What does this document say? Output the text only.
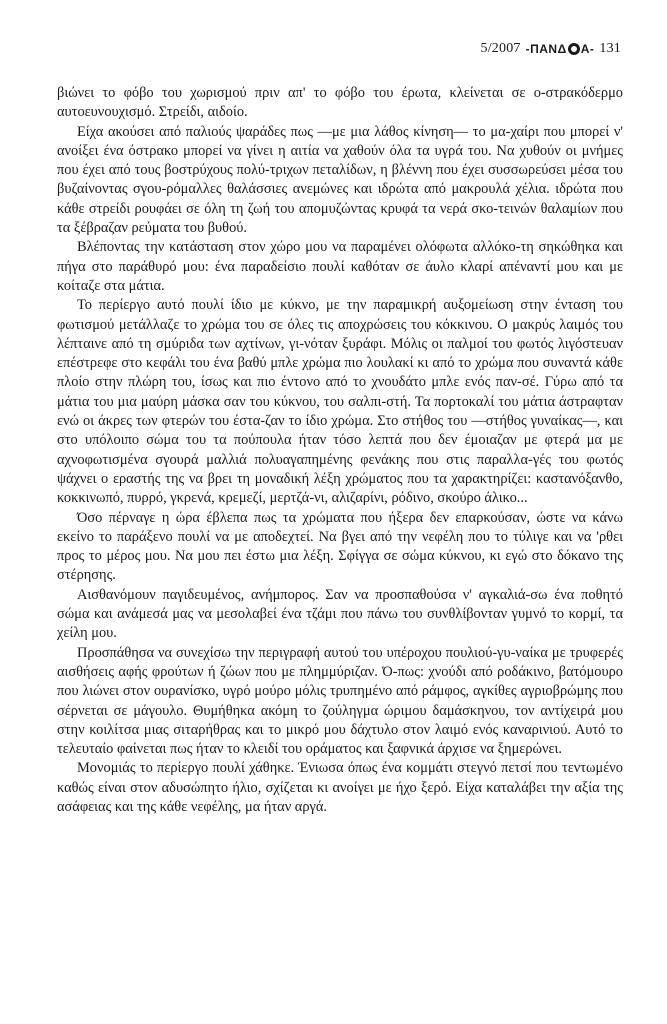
5/2007 -ΠΑΝΔ Α- 131

βιώνει το φόβο του χωρισμού πριν απ' το φόβο του έρωτα, κλείνεται σε ο-στρακόδερμο αυτοευνουχισμό. Στρείδι, αιδοίο.

Είχα ακούσει από παλιούς ψαράδες πως —με μια λάθος κίνηση— το μα-χαίρι που μπορεί ν' ανοίξει ένα όστρακο μπορεί να γίνει η αιτία να χαθούν όλα τα υγρά του. Να χυθούν οι μνήμες που έχει από τους βοστρύχους πολύ-τριχων πεταλίδων, η βλέννη που έχει συσσωρεύσει μέσα του βυζαίνοντας σγου-ρόμαλλες θαλάσσιες ανεμώνες και ιδρώτα από μακρουλά χέλια. ιδρώτα που κάθε στρείδι ρουφάει σε όλη τη ζωή του απομυζώντας κρυφά τα νερά σκο-τεινών θαλαμίων που τα ξέβραζαν ρεύματα του βυθού.

Βλέποντας την κατάσταση στον χώρο μου να παραμένει ολόφωτα αλλόκο-τη σηκώθηκα και πήγα στο παράθυρό μου: ένα παραδείσιο πουλί καθόταν σε άυλο κλαρί απέναντί μου και με κοίταζε στα μάτια.

Το περίεργο αυτό πουλί ίδιο με κύκνο, με την παραμικρή αυξομείωση στην ένταση του φωτισμού μετάλλαζε το χρώμα του σε όλες τις αποχρώσεις του κόκκινου. Ο μακρύς λαιμός του λέπταινε από τη σμύριδα των αχτίνων, γι-νόταν ξυράφι. Μόλις οι παλμοί του φωτός λιγόστευαν επέστρεφε στο κεφάλι του ένα βαθύ μπλε χρώμα πιο λουλακί κι από το χρώμα που συναντά κάθε πλοίο στην πλώρη του, ίσως και πιο έντονο από το χνουδάτο μπλε ενός παν-σέ. Γύρω από τα μάτια του μια μαύρη μάσκα σαν του κύκνου, του σαλπι-στή. Τα πορτοκαλί του μάτια άστραφταν ενώ οι άκρες των φτερών του έστα-ζαν το ίδιο χρώμα. Στο στήθος του —στήθος γυναίκας—, και στο υπόλοιπο σώμα του τα πούπουλα ήταν τόσο λεπτά που δεν έμοιαζαν με φτερά μα με αχνοφωτισμένα σγουρά μαλλιά πολυαγαπημένης φενάκης που στις παραλλα-γές του φωτός ψάχνει ο εραστής της να βρει τη μοναδική λέξη χρώματος που τα χαρακτηρίζει: καστανόξανθο, κοκκινωπό, πυρρό, γκρενά, κρεμεζί, μερτζά-νι, αλιζαρίνι, ρόδινο, σκούρο άλικο...

Όσο πέρναγε η ώρα έβλεπα πως τα χρώματα που ήξερα δεν επαρκούσαν, ώστε να κάνω εκείνο το παράξενο πουλί να με αποδεχτεί. Να βγει από την νεφέλη που το τύλιγε και να 'ρθει προς το μέρος μου. Να μου πει έστω μια λέξη. Σφίγγα σε σώμα κύκνου, κι εγώ στο δόκανο της στέρησης.

Αισθανόμουν παγιδευμένος, ανήμπορος. Σαν να προσπαθούσα ν' αγκαλιά-σω ένα ποθητό σώμα και ανάμεσά μας να μεσολαβεί ένα τζάμι που πάνω του συνθλίβονταν γυμνό το κορμί, τα χείλη μου.

Προσπάθησα να συνεχίσω την περιγραφή αυτού του υπέροχου πουλιού-γυ-ναίκα με τρυφερές αισθήσεις αφής φρούτων ή ζώων που με πλημμύριζαν. Ό-πως: χνούδι από ροδάκινο, βατόμουρο που λιώνει στον ουρανίσκο, υγρό μούρο μόλις τρυπημένο από ράμφος, αγκίθες αγριοβρώμης που σέρνεται σε μάγουλο. Θυμήθηκα ακόμη το ζούληγμα ώριμου δαμάσκηνου, τον αντίχειρά μου στην κοιλίτσα μιας σιταρήθρας και το μικρό μου δάχτυλο στον λαιμό ενός καναρινιού. Αυτό το τελευταίο φαίνεται πως ήταν το κλειδί του οράματος και ξαφνικά άρχισε να ξημερώνει.

Μονομιάς το περίεργο πουλί χάθηκε. Ένιωσα όπως ένα κομμάτι στεγνό πετσί που τεντωμένο καθώς είναι στον αδυσώπητο ήλιο, σχίζεται κι ανοίγει με ήχο ξερό. Είχα καταλάβει την αξία της ασάφειας και της κάθε νεφέλης, μα ήταν αργά.
